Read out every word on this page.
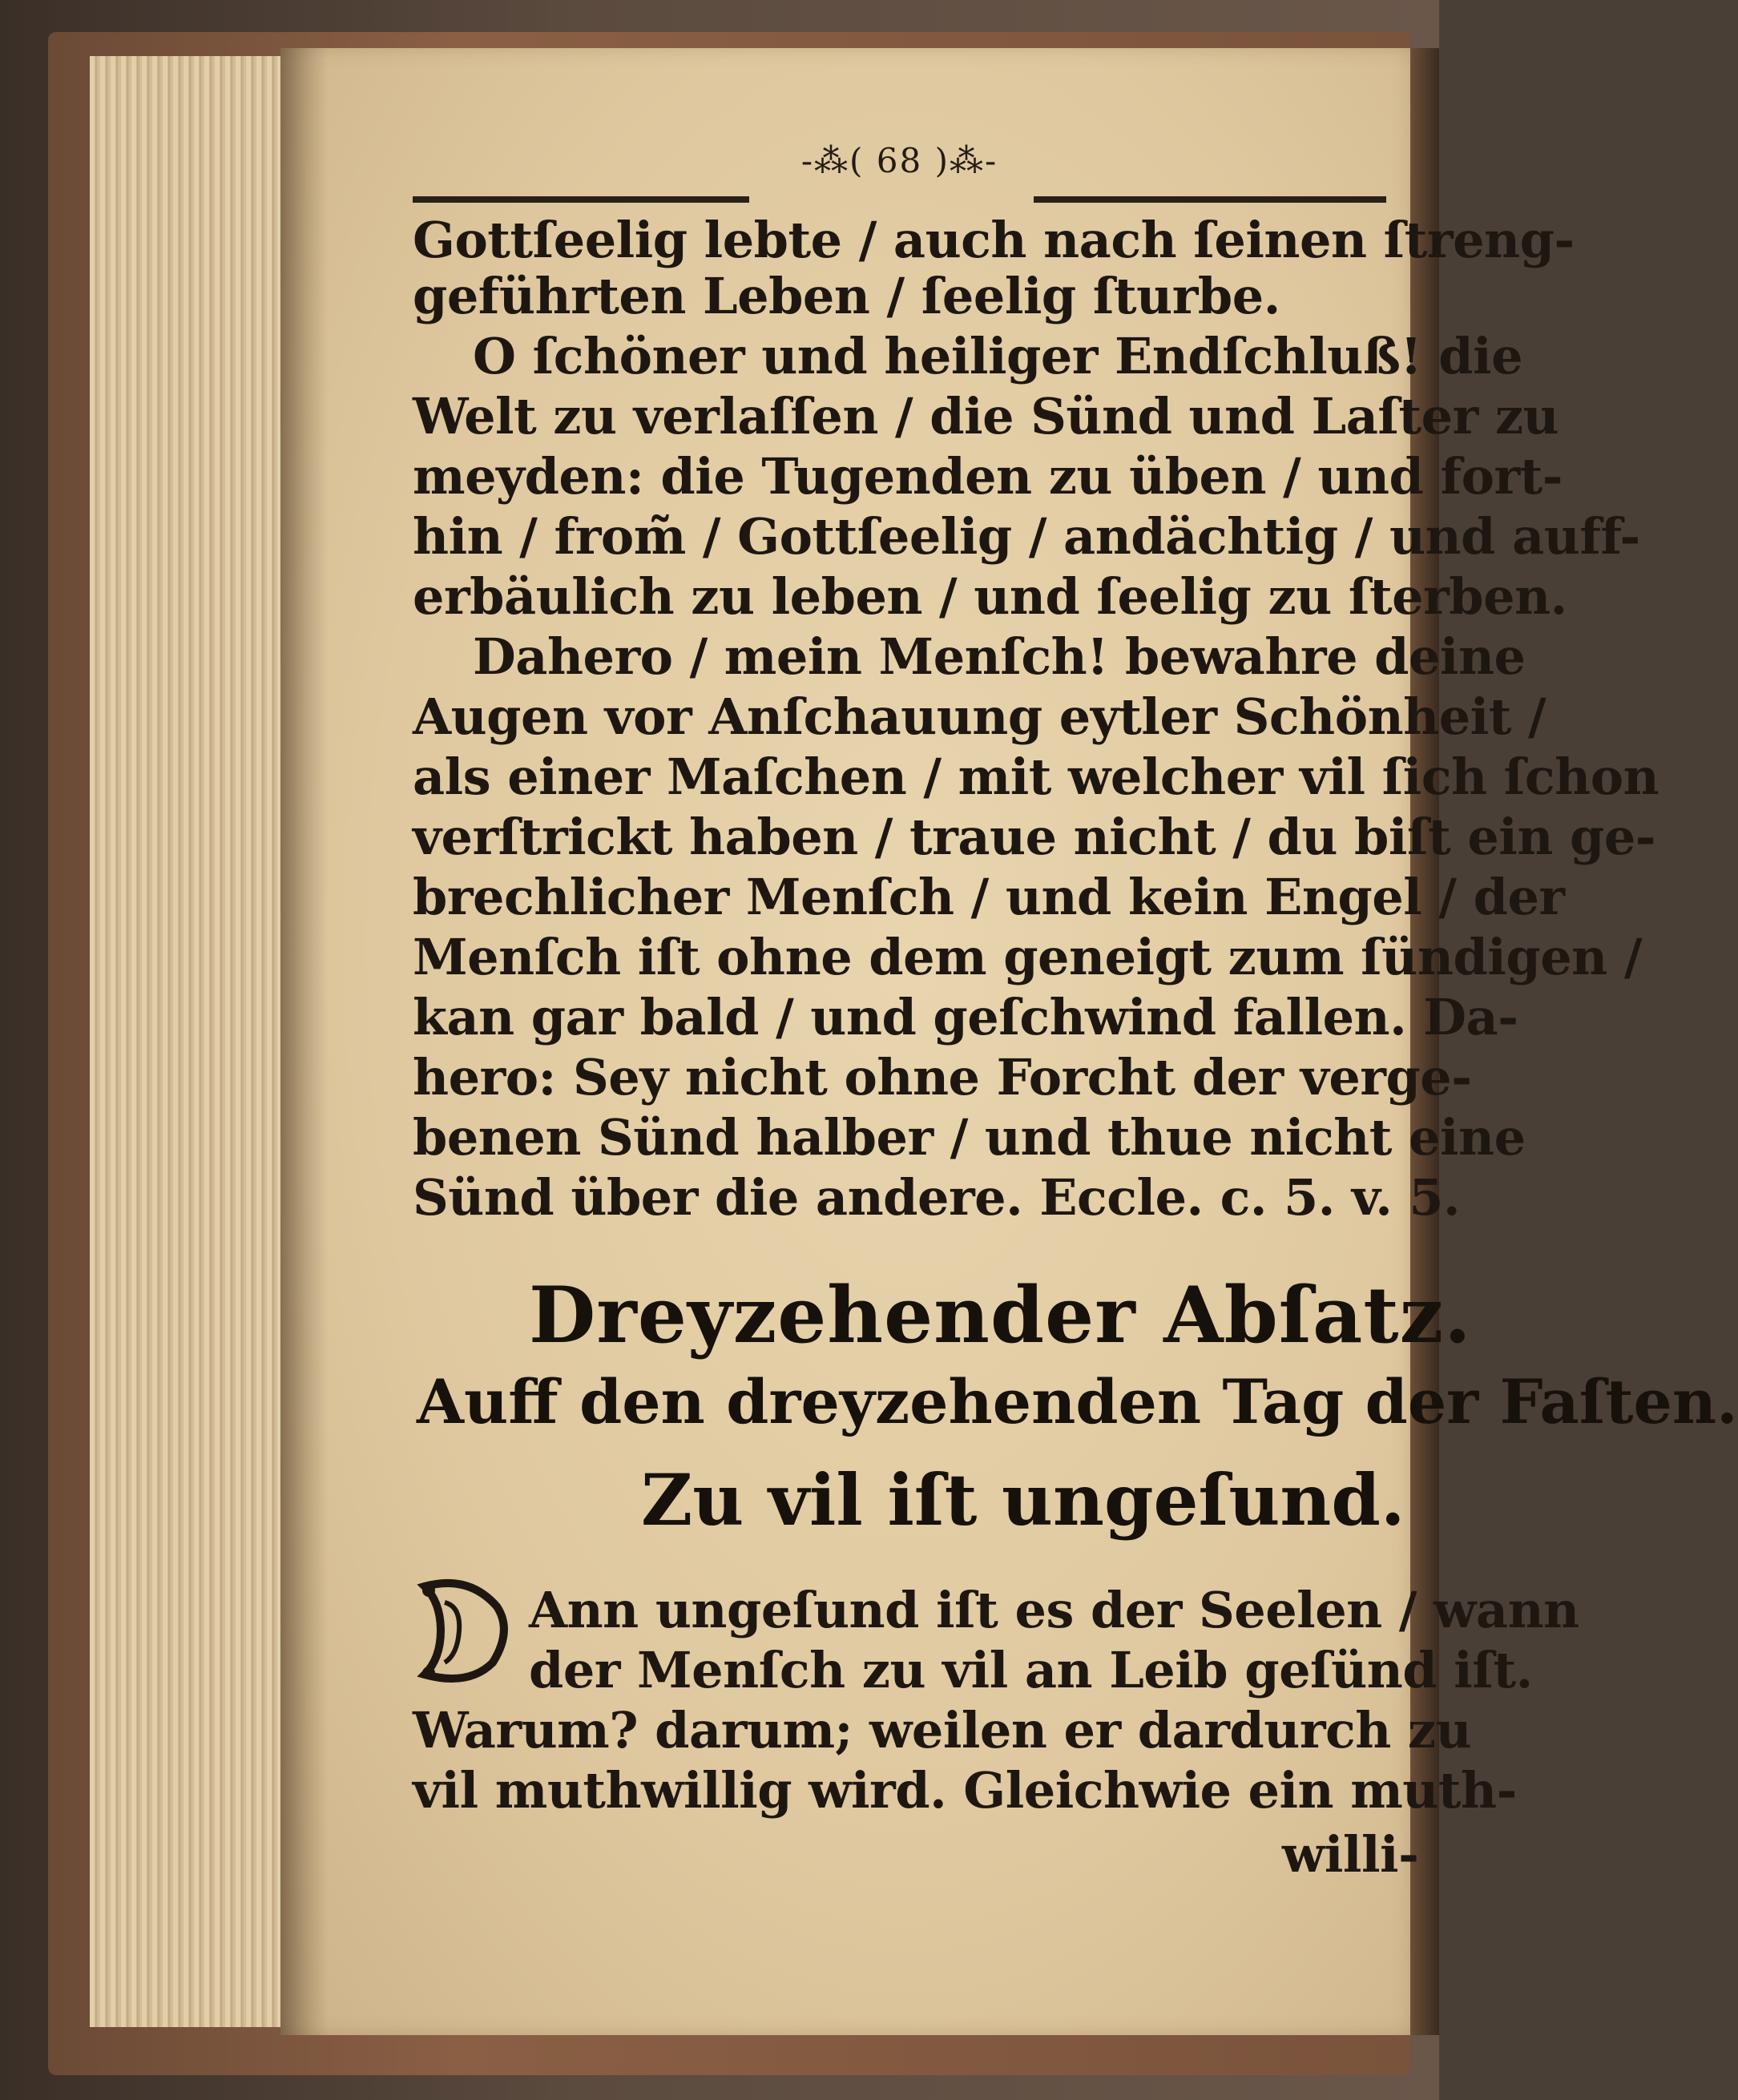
-⁂( 68 )⁂-
Gottſeelig lebte / auch nach ſeinen ſtreng-
geführten Leben / ſeelig ſturbe.
O ſchöner und heiliger Endſchluß! die
Welt zu verlaſſen / die Sünd und Laſter zu
meyden: die Tugenden zu üben / und fort-
hin / from̃ / Gottſeelig / andächtig / und auff-
erbäulich zu leben / und ſeelig zu ſterben.
Dahero / mein Menſch! bewahre deine
Augen vor Anſchauung eytler Schönheit /
als einer Maſchen / mit welcher vil ſich ſchon
verſtrickt haben / traue nicht / du biſt ein ge-
brechlicher Menſch / und kein Engel / der
Menſch iſt ohne dem geneigt zum ſündigen /
kan gar bald / und geſchwind fallen. Da-
hero: Sey nicht ohne Forcht der verge-
benen Sünd halber / und thue nicht eine
Sünd über die andere. Eccle. c. 5. v. 5.
Dreyzehender Abſatz.
Auff den dreyzehenden Tag der Faſten.
Zu vil iſt ungeſund.
Ann ungeſund iſt es der Seelen / wann
der Menſch zu vil an Leib geſünd iſt.
Warum? darum; weilen er dardurch zu
vil muthwillig wird. Gleichwie ein muth-
willi-
